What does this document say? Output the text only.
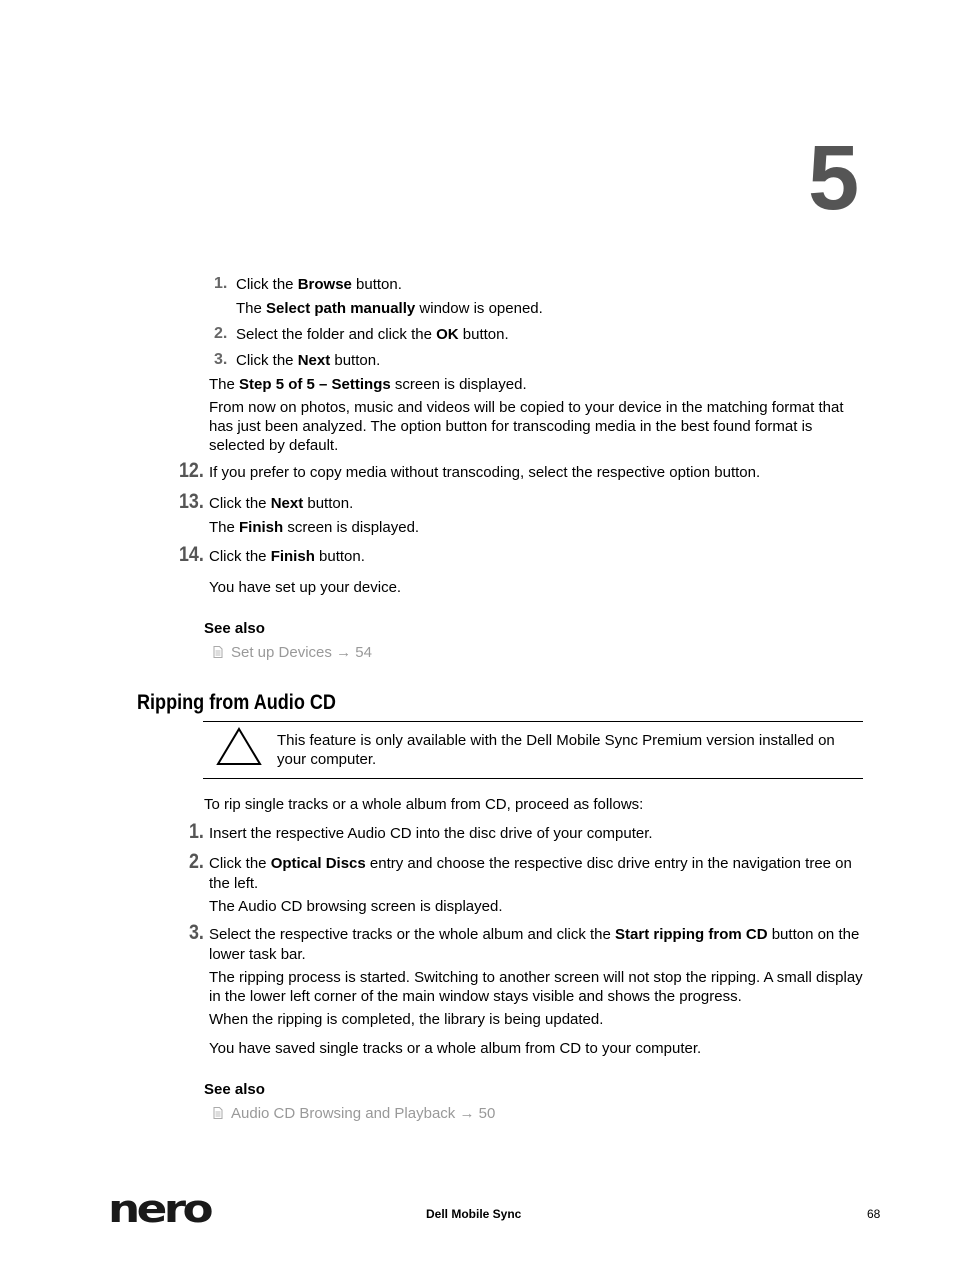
5
1. Click the Browse button.
The Select path manually window is opened.
2. Select the folder and click the OK button.
3. Click the Next button.
The Step 5 of 5 – Settings screen is displayed.
From now on photos, music and videos will be copied to your device in the matching format that has just been analyzed. The option button for transcoding media in the best found format is selected by default.
12. If you prefer to copy media without transcoding, select the respective option button.
13. Click the Next button.
The Finish screen is displayed.
14. Click the Finish button.
You have set up your device.
See also
Set up Devices → 54
Ripping from Audio CD
This feature is only available with the Dell Mobile Sync Premium version installed on your computer.
To rip single tracks or a whole album from CD, proceed as follows:
1. Insert the respective Audio CD into the disc drive of your computer.
2. Click the Optical Discs entry and choose the respective disc drive entry in the navigation tree on the left.
The Audio CD browsing screen is displayed.
3. Select the respective tracks or the whole album and click the Start ripping from CD button on the lower task bar.
The ripping process is started. Switching to another screen will not stop the ripping. A small display in the lower left corner of the main window stays visible and shows the progress.
When the ripping is completed, the library is being updated.
You have saved single tracks or a whole album from CD to your computer.
See also
Audio CD Browsing and Playback → 50
nero	Dell Mobile Sync	68
